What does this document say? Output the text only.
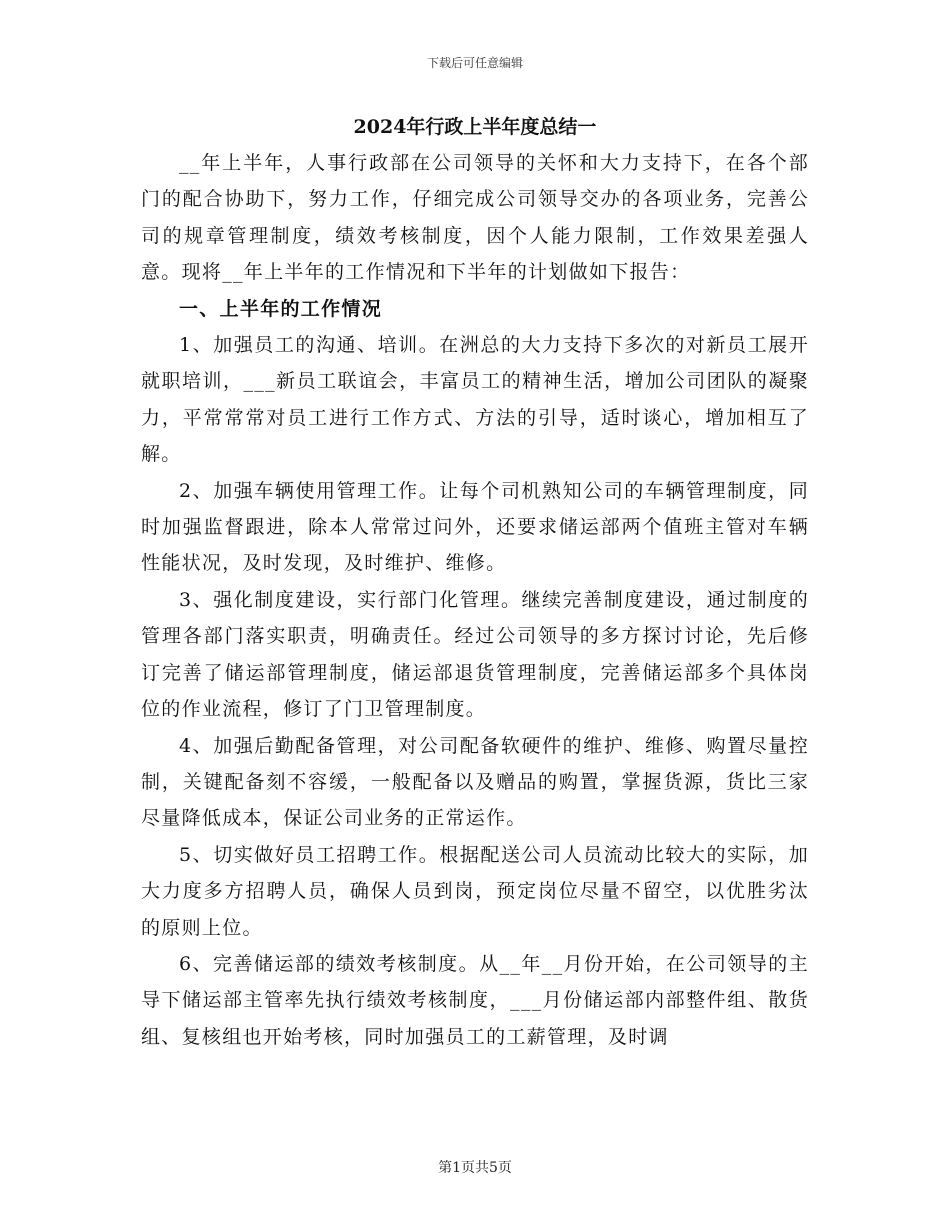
下载后可任意编辑
2024年行政上半年度总结一

__年上半年，人事行政部在公司领导的关怀和大力支持下，在各个部门的配合协助下，努力工作，仔细完成公司领导交办的各项业务，完善公司的规章管理制度，绩效考核制度，因个人能力限制，工作效果差强人意。现将__年上半年的工作情况和下半年的计划做如下报告：

一、上半年的工作情况

1、加强员工的沟通、培训。在洲总的大力支持下多次的对新员工展开就职培训，___新员工联谊会，丰富员工的精神生活，增加公司团队的凝聚力，平常常常对员工进行工作方式、方法的引导，适时谈心，增加相互了解。

2、加强车辆使用管理工作。让每个司机熟知公司的车辆管理制度，同时加强监督跟进，除本人常常过问外，还要求储运部两个值班主管对车辆性能状况，及时发现，及时维护、维修。

3、强化制度建设，实行部门化管理。继续完善制度建设，通过制度的管理各部门落实职责，明确责任。经过公司领导的多方探讨讨论，先后修订完善了储运部管理制度，储运部退货管理制度，完善储运部多个具体岗位的作业流程，修订了门卫管理制度。

4、加强后勤配备管理，对公司配备软硬件的维护、维修、购置尽量控制，关键配备刻不容缓，一般配备以及赠品的购置，掌握货源，货比三家尽量降低成本，保证公司业务的正常运作。

5、切实做好员工招聘工作。根据配送公司人员流动比较大的实际，加大力度多方招聘人员，确保人员到岗，预定岗位尽量不留空，以优胜劣汰的原则上位。

6、完善储运部的绩效考核制度。从__年__月份开始，在公司领导的主导下储运部主管率先执行绩效考核制度，___月份储运部内部整件组、散货组、复核组也开始考核，同时加强员工的工薪管理，及时调

第1页共5页
